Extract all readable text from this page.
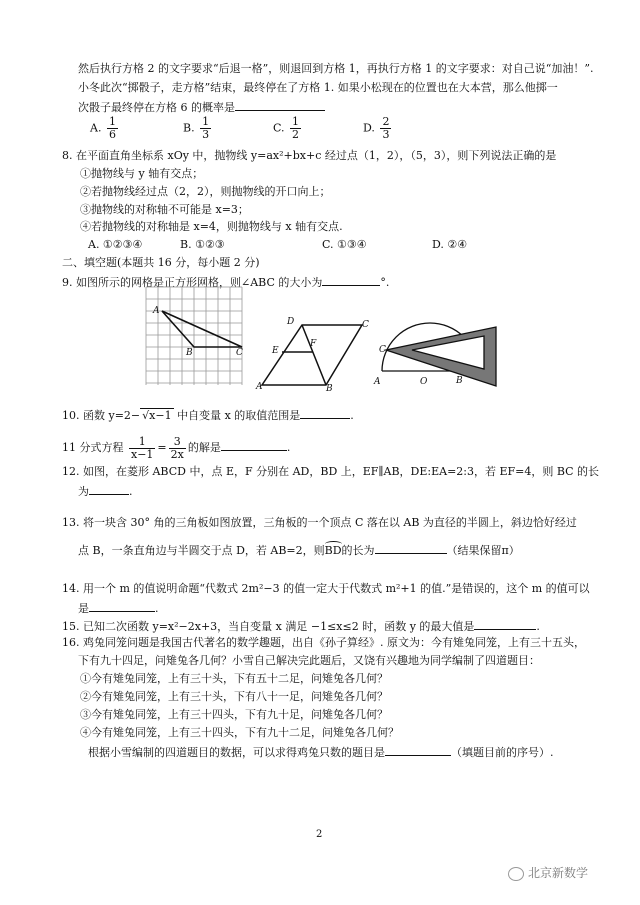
然后执行方格 2 的文字要求“后退一格”，则退回到方格 1，再执行方格 1 的文字要求：对自己说“加油！”.
小冬此次“掷骰子，走方格”结束，最终停在了方格 1. 如果小松现在的位置也在大本营，那么他掷一
次骰子最终停在方格 6 的概率是
A. $\frac{1}{6}$	B. $\frac{1}{3}$	C. $\frac{1}{2}$	D. $\frac{2}{3}$
8. 在平面直角坐标系 xOy 中，抛物线 y=ax²+bx+c 经过点（1，2），（5，3），则下列说法正确的是
①抛物线与 y 轴有交点；
②若抛物线经过点（2，2），则抛物线的开口向上；
③抛物线的对称轴不可能是 x=3；
④若抛物线的对称轴是 x=4，则抛物线与 x 轴有交点.
A. ①②③④	B. ①②③	C. ①③④	D. ②④
二、填空题(本题共 16 分，每小题 2 分)
9. 如图所示的网格是正方形网格，则∠ABC 的大小为	°.
A
B	C
D	C
E
F
A	B
C
A	O	B
10. 函数 y=2− √x−1 中自变量 x 的取值范围是	.
11 分式方程 $\frac{1}{x-1} = \frac{3}{2x}$ 的解是	.
12. 如图，在菱形 ABCD 中，点 E，F 分别在 AD，BD 上，EF∥AB，DE:EA=2:3，若 EF=4，则 BC 的长
为	.
13. 将一块含 30° 角的三角板如图放置，三角板的一个顶点 C 落在以 AB 为直径的半圆上，斜边恰好经过
点 B，一条直角边与半圆交于点 D，若 AB=2，则BD的长为	（结果保留π）
14. 用一个 m 的值说明命题“代数式 2m²−3 的值一定大于代数式 m²+1 的值.”是错误的，这个 m 的值可以
是	.
15. 已知二次函数 y=x²−2x+3，当自变量 x 满足 −1≤x≤2 时，函数 y 的最大值是	.
16. 鸡兔同笼问题是我国古代著名的数学趣题，出自《孙子算经》. 原文为：今有雉兔同笼，上有三十五头，
下有九十四足，问雉兔各几何？小雪自己解决完此题后，又饶有兴趣地为同学编制了四道题目：
①今有雉兔同笼，上有三十头，下有五十二足，问雉兔各几何？
②今有雉兔同笼，上有三十头，下有八十一足，问雉兔各几何？
③今有雉兔同笼，上有三十四头，下有九十足，问雉兔各几何？
④今有雉兔同笼，上有三十四头，下有九十二足，问雉兔各几何？
根据小雪编制的四道题目的数据，可以求得鸡兔只数的题目是	（填题目前的序号）.
2
北京新数学
